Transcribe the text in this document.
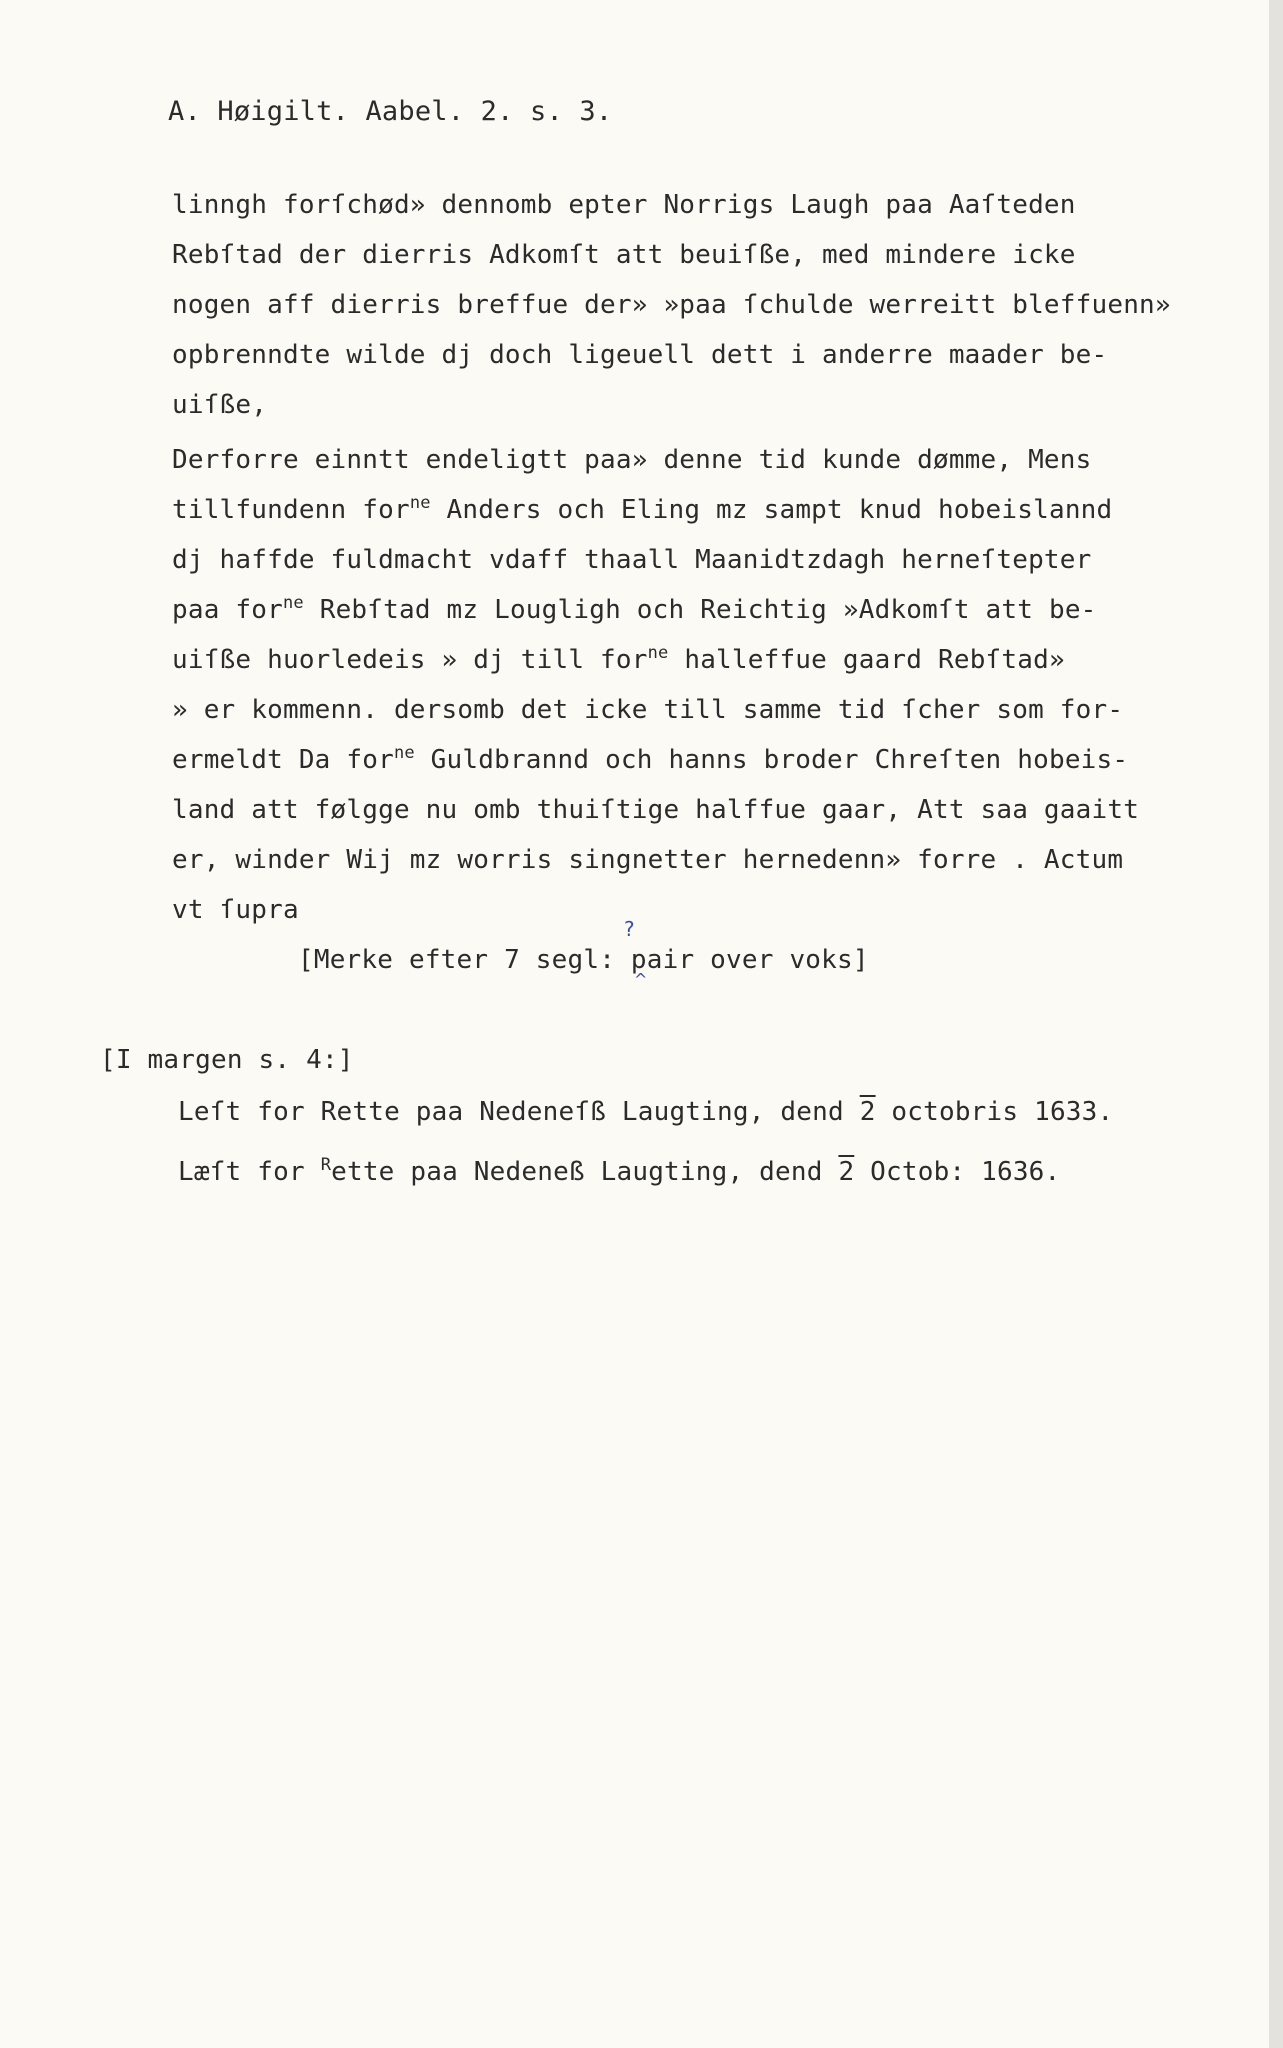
A. Høigilt. Aabel. 2. s. 3.
linngh forſchød» dennomb epter Norrigs Laugh paa Aaſteden
Rebſtad der dierris Adkomſt att beuiſße, med mindere icke
nogen aff dierris breffue der» »paa ſchulde werreitt bleffuenn»
opbrenndte wilde dj doch ligeuell dett i anderre maader be-
uiſße,
Derforre einntt endeligtt paa» denne tid kunde dømme, Mens
tillfundenn for$^{ne}$ Anders och Eling mz sampt knud hobeislannd
dj haffde fuldmacht vdaff thaall Maanidtzdagh herneſtepter
paa for$^{ne}$ Rebſtad mz Lougligh och Reichtig »Adkomſt att be-
uiſße huorledeis » dj till for$^{ne}$ halleffue gaard Rebſtad»
» er kommenn. dersomb det icke till samme tid ſcher som for-
ermeldt Da for$^{ne}$ Guldbrannd och hanns broder Chreſten hobeis-
land att følgge nu omb thuiſtige halffue gaar, Att saa gaaitt
er, winder Wij mz worris singnetter hernedenn» forre . Actum
vt ſupra
?
[Merke efter 7 segl: pair over voks]
^
[I margen s. 4:]
Leſt for Rette paa Nedeneſß Laugting, dend 2 octobris 1633.
Læſt for $^R$ette paa Nedeneß Laugting, dend 2 Octob: 1636.
